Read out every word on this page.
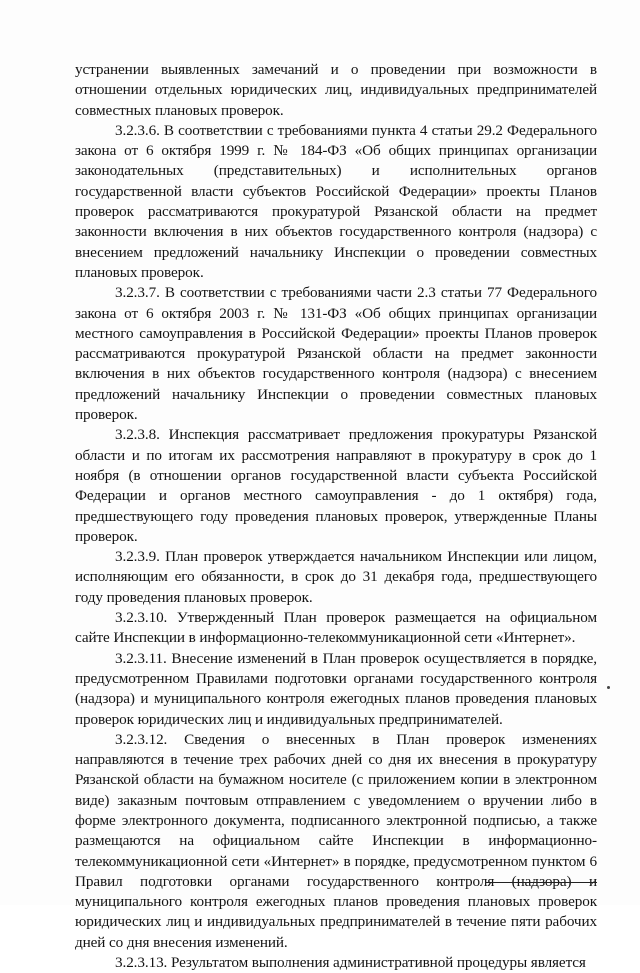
устранении выявленных замечаний и о проведении при возможности в отношении отдельных юридических лиц, индивидуальных предпринимателей совместных плановых проверок.

3.2.3.6. В соответствии с требованиями пункта 4 статьи 29.2 Федерального закона от 6 октября 1999 г. № 184-ФЗ «Об общих принципах организации законодательных (представительных) и исполнительных органов государственной власти субъектов Российской Федерации» проекты Планов проверок рассматриваются прокуратурой Рязанской области на предмет законности включения в них объектов государственного контроля (надзора) с внесением предложений начальнику Инспекции о проведении совместных плановых проверок.

3.2.3.7. В соответствии с требованиями части 2.3 статьи 77 Федерального закона от 6 октября 2003 г. № 131-ФЗ «Об общих принципах организации местного самоуправления в Российской Федерации» проекты Планов проверок рассматриваются прокуратурой Рязанской области на предмет законности включения в них объектов государственного контроля (надзора) с внесением предложений начальнику Инспекции о проведении совместных плановых проверок.

3.2.3.8. Инспекция рассматривает предложения прокуратуры Рязанской области и по итогам их рассмотрения направляют в прокуратуру в срок до 1 ноября (в отношении органов государственной власти субъекта Российской Федерации и органов местного самоуправления - до 1 октября) года, предшествующего году проведения плановых проверок, утвержденные Планы проверок.

3.2.3.9. План проверок утверждается начальником Инспекции или лицом, исполняющим его обязанности, в срок до 31 декабря года, предшествующего году проведения плановых проверок.

3.2.3.10. Утвержденный План проверок размещается на официальном сайте Инспекции в информационно-телекоммуникационной сети «Интернет».

3.2.3.11. Внесение изменений в План проверок осуществляется в порядке, предусмотренном Правилами подготовки органами государственного контроля (надзора) и муниципального контроля ежегодных планов проведения плановых проверок юридических лиц и индивидуальных предпринимателей.

3.2.3.12. Сведения о внесенных в План проверок изменениях направляются в течение трех рабочих дней со дня их внесения в прокуратуру Рязанской области на бумажном носителе (с приложением копии в электронном виде) заказным почтовым отправлением с уведомлением о вручении либо в форме электронного документа, подписанного электронной подписью, а также размещаются на официальном сайте Инспекции в информационно-телекоммуникационной сети «Интернет» в порядке, предусмотренном пунктом 6 Правил подготовки органами государственного контроля (надзора) и муниципального контроля ежегодных планов проведения плановых проверок юридических лиц и индивидуальных предпринимателей в течение пяти рабочих дней со дня внесения изменений.

3.2.3.13. Результатом выполнения административной процедуры является
